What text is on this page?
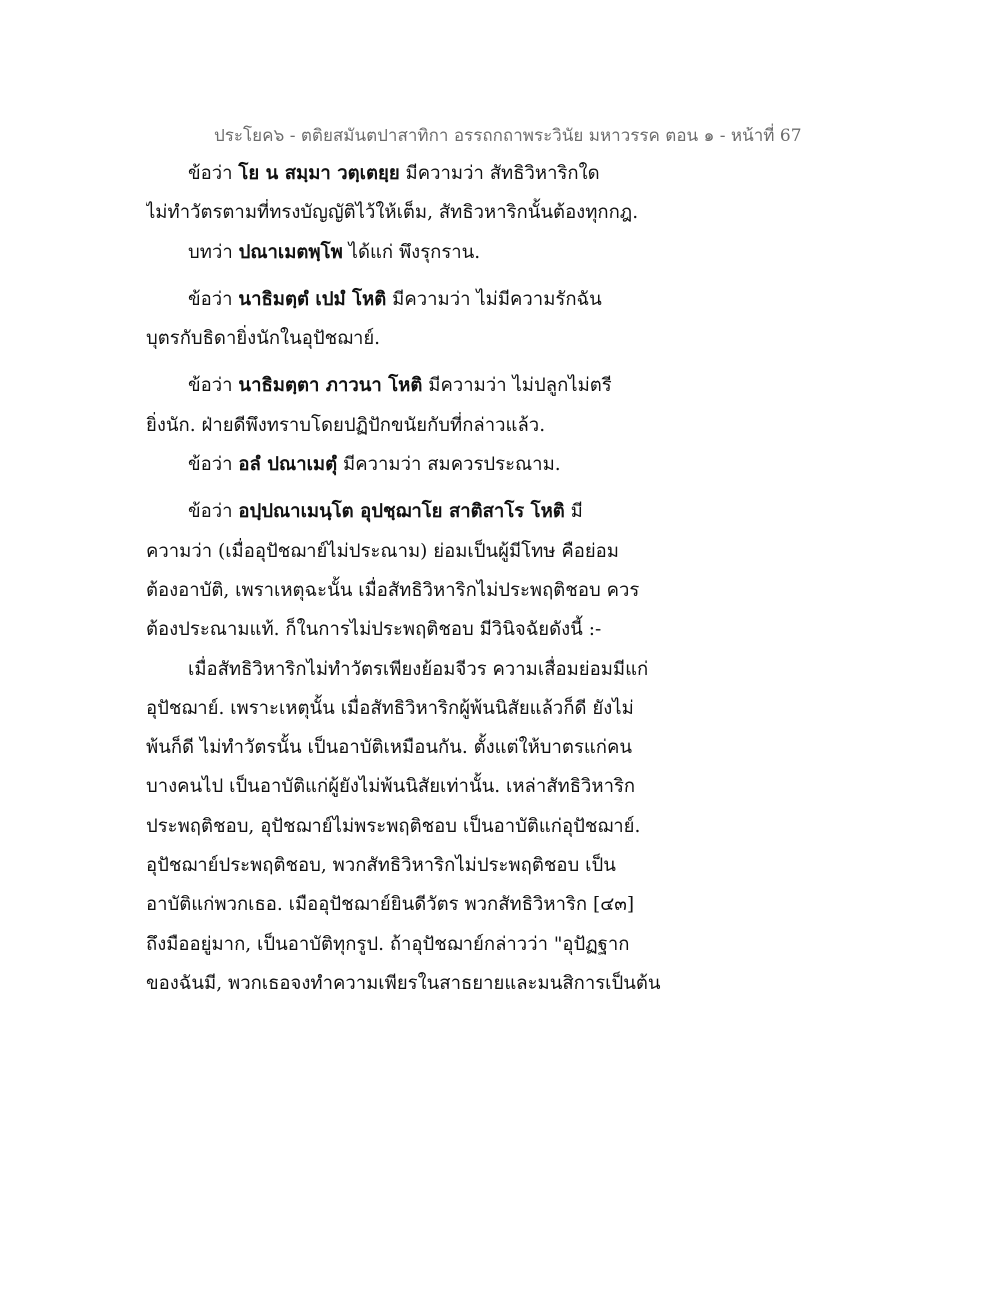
ประโยค๖ - ตติยสมันตปาสาทิกา อรรถกถาพระวินัย มหาวรรค ตอน ๑ - หน้าที่ 67
ข้อว่า โย น สมฺมา วตฺเตยฺย มีความว่า สัทธิวิหาริกใด
ไม่ทำวัตรตามที่ทรงบัญญัติไว้ให้เต็ม, สัทธิวหาริกนั้นต้องทุกกฎ.
บทว่า ปณาเมตพฺโพ ได้แก่ พึงรุกราน.
ข้อว่า นาธิมตฺตํ เปมํ โหติ มีความว่า ไม่มีความรักฉัน
บุตรกับธิดายิ่งนักในอุปัชฌาย์.
ข้อว่า นาธิมตฺตา ภาวนา โหติ มีความว่า ไม่ปลูกไม่ตรี
ยิ่งนัก. ฝ่ายดีพึงทราบโดยปฏิปักขนัยกับที่กล่าวแล้ว.
ข้อว่า อลํ ปณาเมตุํ มีความว่า สมควรประณาม.
ข้อว่า อปฺปณาเมนฺโต อุปชฺฌาโย สาติสาโร โหติ มี
ความว่า (เมื่ออุปัชฌาย์ไม่ประณาม) ย่อมเป็นผู้มีโทษ คือย่อม
ต้องอาบัติ, เพราเหตุฉะนั้น เมื่อสัทธิวิหาริกไม่ประพฤติชอบ ควร
ต้องประณามแท้. ก็ในการไม่ประพฤติชอบ มีวินิจฉัยดังนี้ :-
เมื่อสัทธิวิหาริกไม่ทำวัตรเพียงย้อมจีวร ความเสื่อมย่อมมีแก่
อุปัชฌาย์. เพราะเหตุนั้น เมื่อสัทธิวิหาริกผู้พ้นนิสัยแล้วก็ดี ยังไม่
พ้นก็ดี ไม่ทำวัตรนั้น เป็นอาบัติเหมือนกัน. ตั้งแต่ให้บาตรแก่คน
บางคนไป เป็นอาบัติแก่ผู้ยังไม่พ้นนิสัยเท่านั้น. เหล่าสัทธิวิหาริก
ประพฤติชอบ, อุปัชฌาย์ไม่พระพฤติชอบ เป็นอาบัติแก่อุปัชฌาย์.
อุปัชฌาย์ประพฤติชอบ, พวกสัทธิวิหาริกไม่ประพฤติชอบ เป็น
อาบัติแก่พวกเธอ. เมืออุปัชฌาย์ยินดีวัตร พวกสัทธิวิหาริก [๔๓]
ถึงมืออยู่มาก, เป็นอาบัติทุกรูป. ถ้าอุปัชฌาย์กล่าวว่า "อุปัฏฐาก
ของฉันมี, พวกเธอจงทำความเพียรในสาธยายและมนสิการเป็นต้น
